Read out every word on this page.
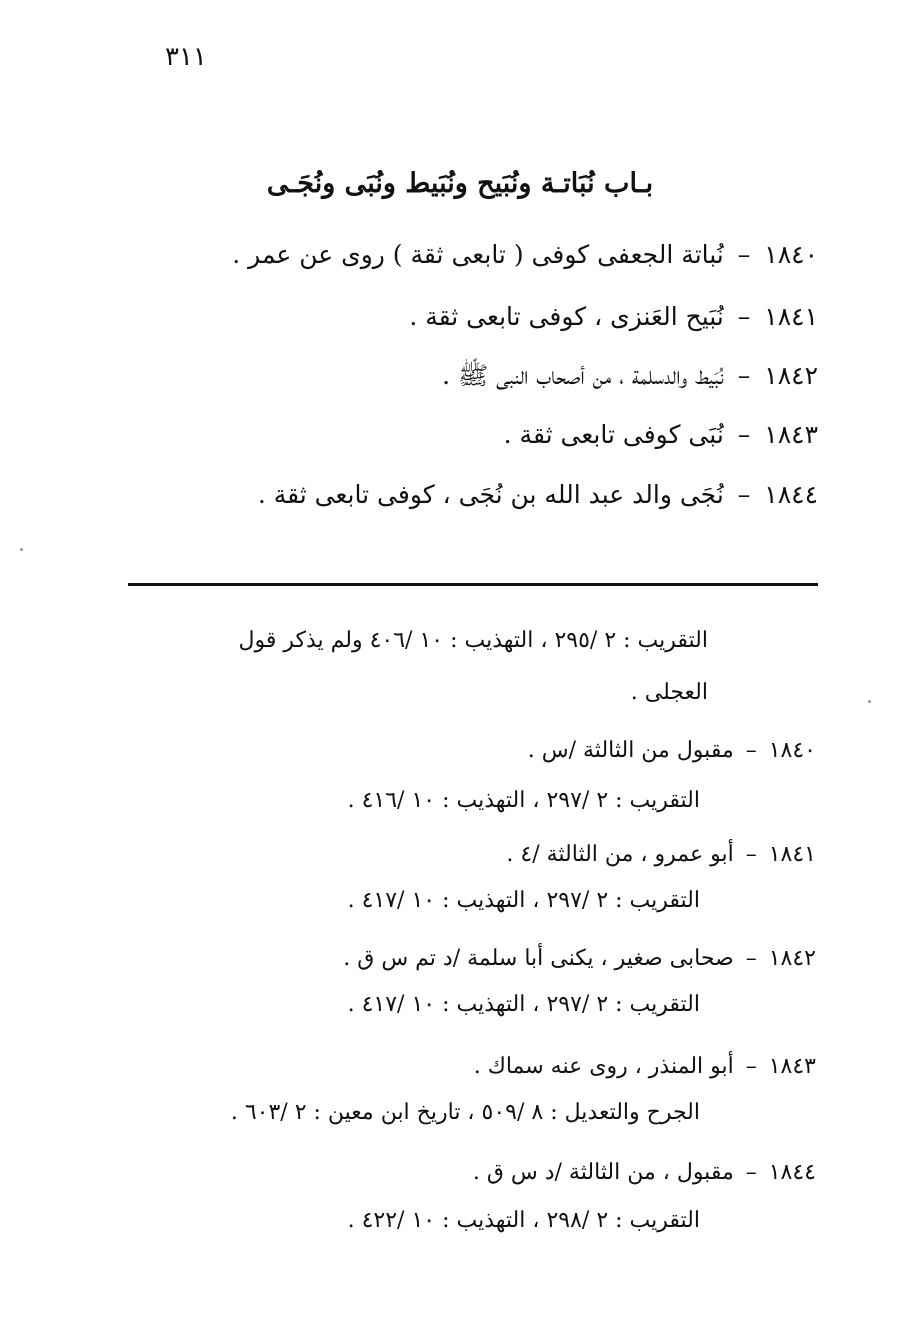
٣١١
بـاب نُبَاتـة ونُبَيح ونُبَيط ونُبَى ونُجَـى
١٨٤٠–نُباتة الجعفى كوفى ( تابعى ثقة ) روى عن عمر .
١٨٤١–نُبَيح العَنزى ، كوفى تابعى ثقة .
١٨٤٢–نُبَيط والدسلمة ، من أصحاب النبى ﷺ .
١٨٤٣–نُبَى كوفى تابعى ثقة .
١٨٤٤–نُجَى والد عبد الله بن نُجَى ، كوفى تابعى ثقة .
التقريب : ٢ /٢٩٥ ، التهذيب : ١٠ /٤٠٦ ولم يذكر قول
العجلى .
١٨٤٠–مقبول من الثالثة /س .
التقريب : ٢ /٢٩٧ ، التهذيب : ١٠ /٤١٦ .
١٨٤١–أبو عمرو ، من الثالثة /٤ .
التقريب : ٢ /٢٩٧ ، التهذيب : ١٠ /٤١٧ .
١٨٤٢–صحابى صغير ، يكنى أبا سلمة /د تم س ق .
التقريب : ٢ /٢٩٧ ، التهذيب : ١٠ /٤١٧ .
١٨٤٣–أبو المنذر ، روى عنه سماك .
الجرح والتعديل : ٨ /٥٠٩ ، تاريخ ابن معين : ٢ /٦٠٣ .
١٨٤٤–مقبول ، من الثالثة /د س ق .
التقريب : ٢ /٢٩٨ ، التهذيب : ١٠ /٤٢٢ .
